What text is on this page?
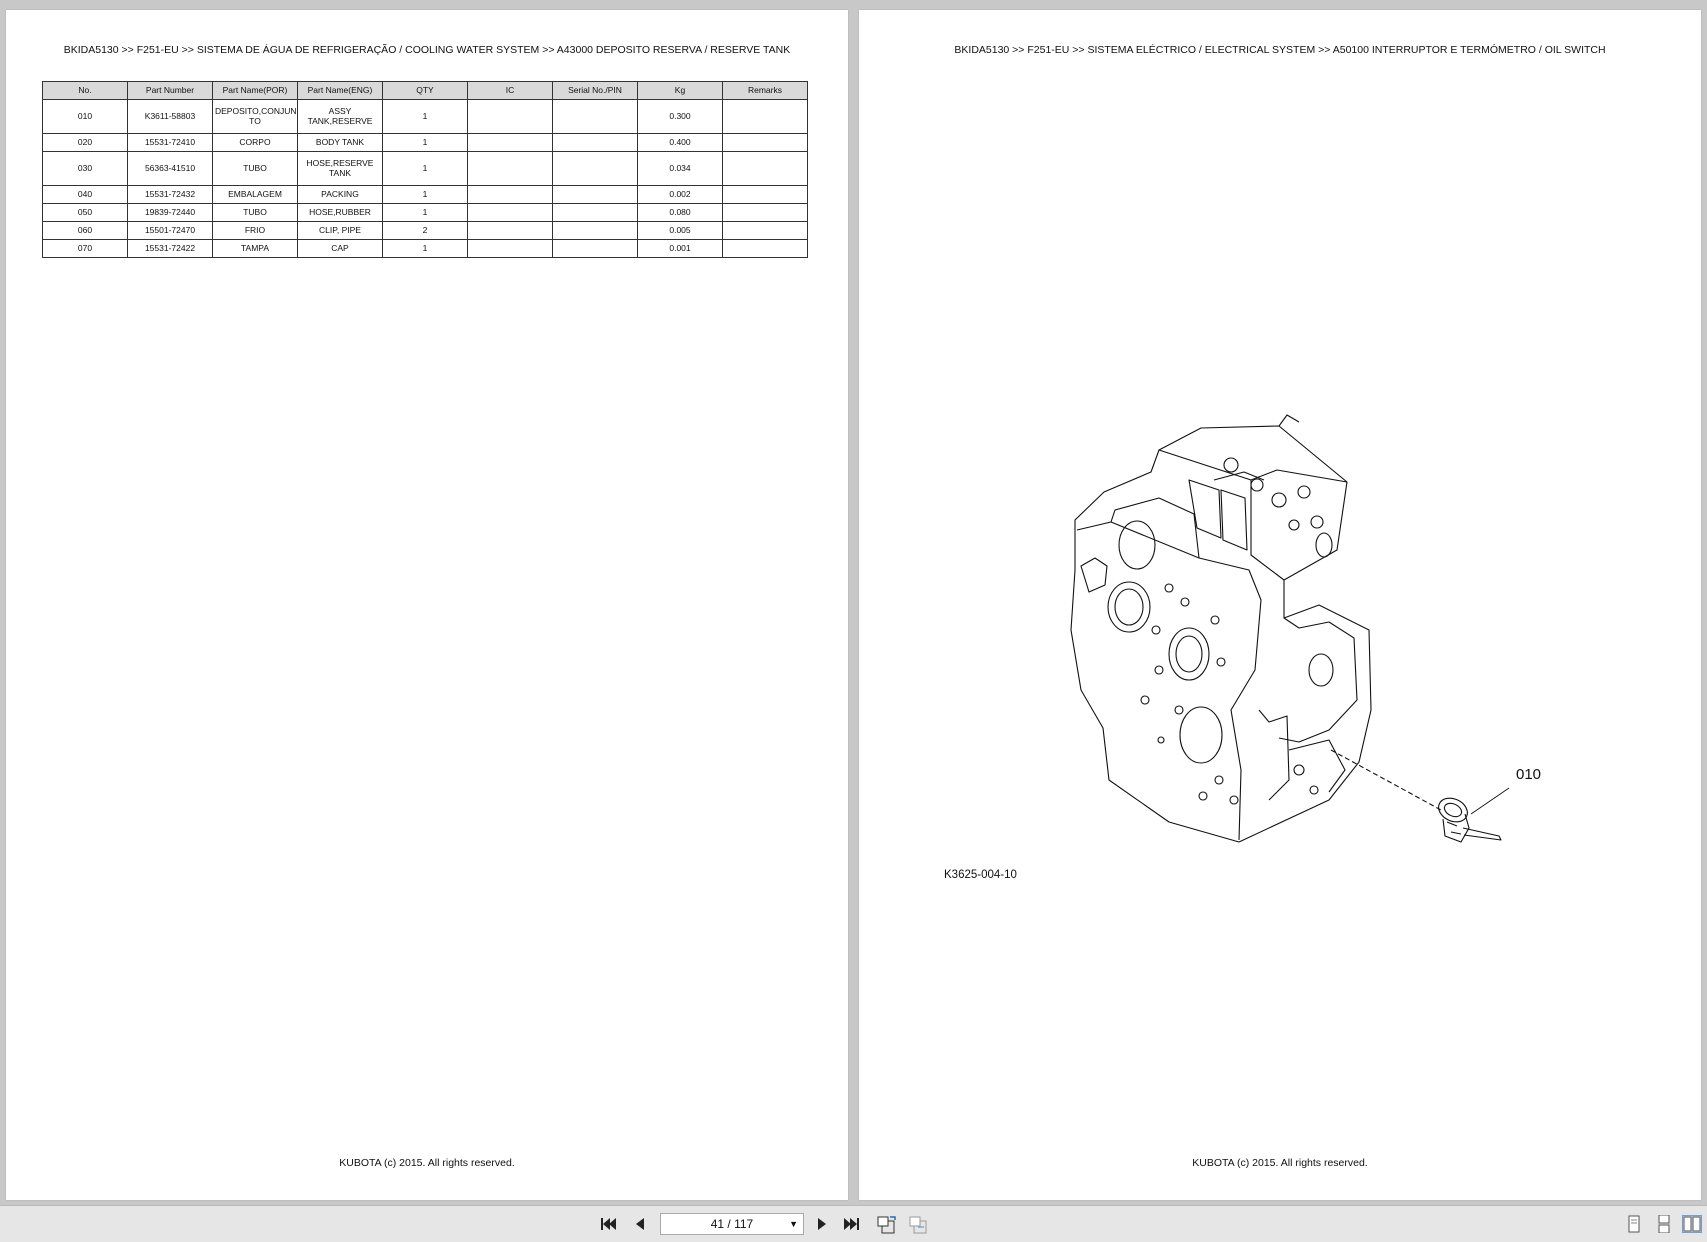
BKIDA5130 >> F251-EU >> SISTEMA DE ÁGUA DE REFRIGERAÇÃO / COOLING WATER SYSTEM >> A43000 DEPOSITO RESERVA / RESERVE TANK
No.	Part Number	Part Name(POR)	Part Name(ENG)	QTY	IC	Serial No./PIN	Kg	Remarks
010	K3611-58803	DEPOSITO,CONJUN TO	ASSY TANK,RESERVE	1			0.300	
020	15531-72410	CORPO	BODY TANK	1			0.400	
030	56363-41510	TUBO	HOSE,RESERVE TANK	1			0.034	
040	15531-72432	EMBALAGEM	PACKING	1			0.002	
050	19839-72440	TUBO	HOSE,RUBBER	1			0.080	
060	15501-72470	FRIO	CLIP, PIPE	2			0.005	
070	15531-72422	TAMPA	CAP	1			0.001	
KUBOTA (c) 2015. All rights reserved.
BKIDA5130 >> F251-EU >> SISTEMA ELÉCTRICO / ELECTRICAL SYSTEM >> A50100 INTERRUPTOR E TERMÓMETRO / OIL SWITCH
010
K3625-004-10
KUBOTA (c) 2015. All rights reserved.
41 / 117	▼
